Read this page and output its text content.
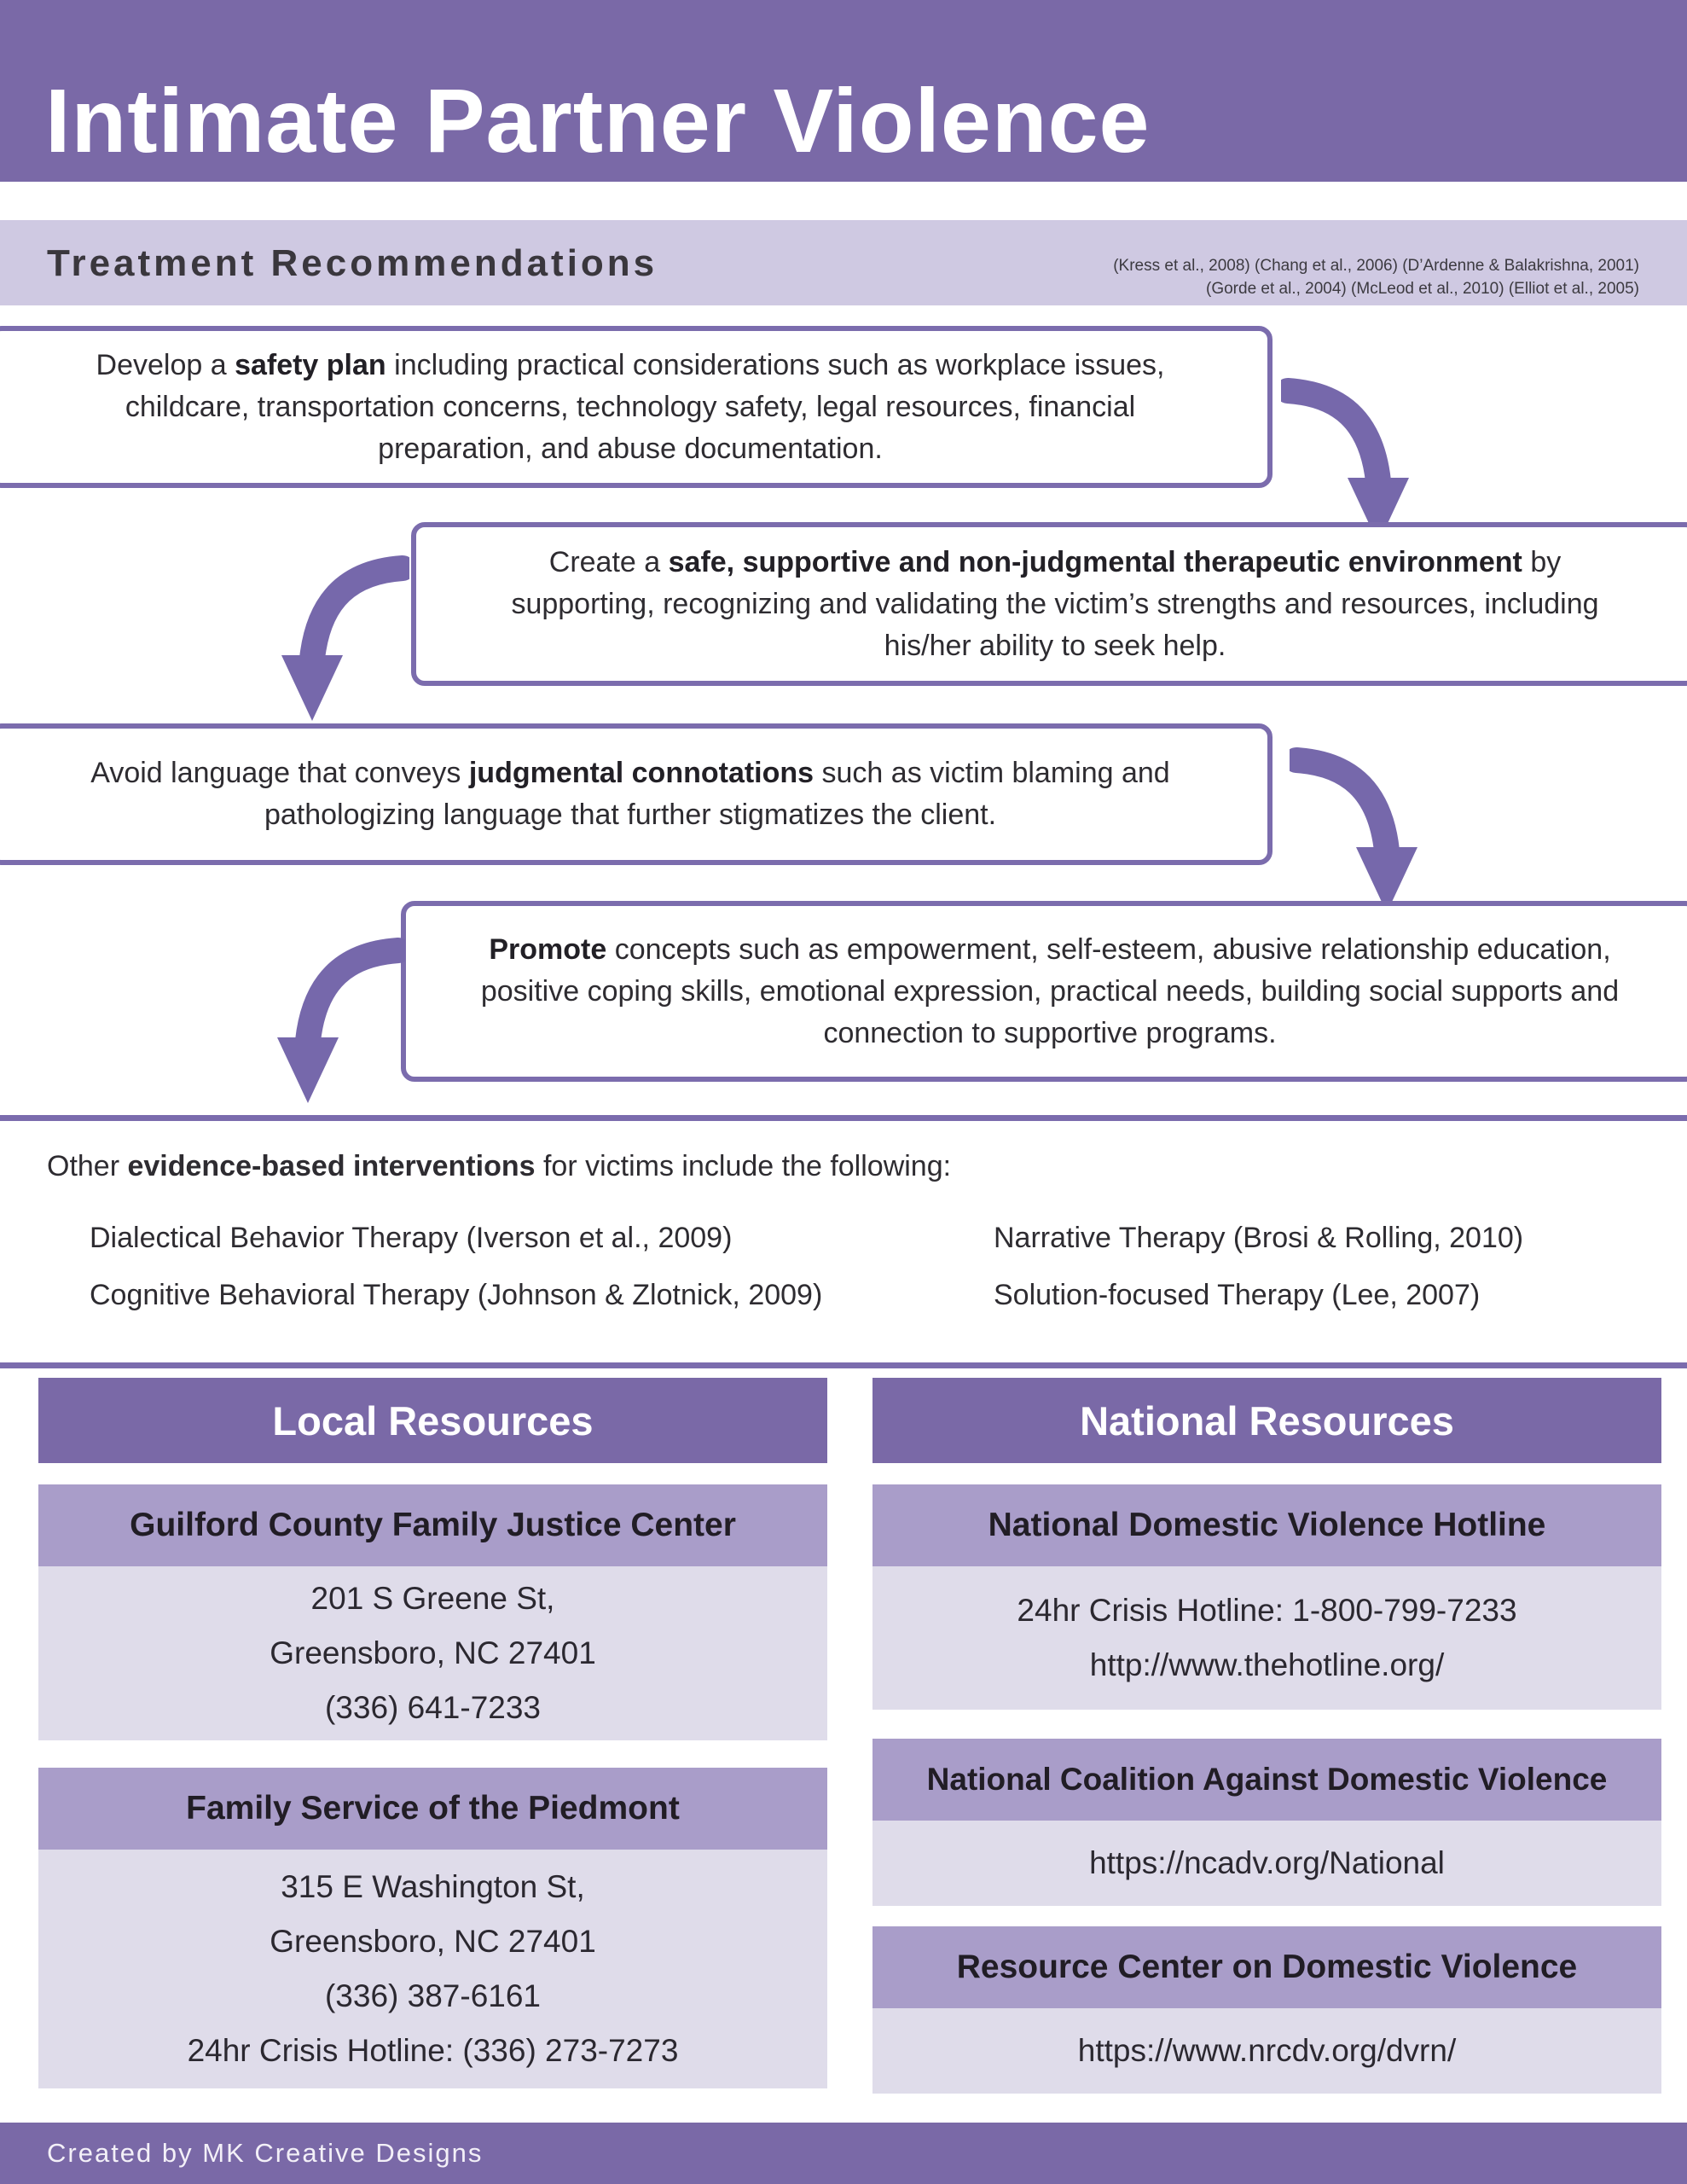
Intimate Partner Violence
Treatment Recommendations	(Kress et al., 2008) (Chang et al., 2006) (D’Ardenne & Balakrishna, 2001)
(Gorde et al., 2004) (McLeod et al., 2010) (Elliot et al., 2005)
Develop a safety plan including practical considerations such as workplace issues, childcare, transportation concerns, technology safety, legal resources, financial preparation, and abuse documentation.
Create a safe, supportive and non-judgmental therapeutic environment by supporting, recognizing and validating the victim’s strengths and resources, including his/her ability to seek help.
Avoid language that conveys judgmental connotations such as victim blaming and pathologizing language that further stigmatizes the client.
Promote concepts such as empowerment, self-esteem, abusive relationship education, positive coping skills, emotional expression, practical needs, building social supports and connection to supportive programs.
Other evidence-based interventions for victims include the following:
Dialectical Behavior Therapy (Iverson et al., 2009)
Cognitive Behavioral Therapy (Johnson & Zlotnick, 2009)
Narrative Therapy (Brosi & Rolling, 2010)
Solution-focused Therapy (Lee, 2007)
Local Resources
Guilford County Family Justice Center
201 S Greene St,
Greensboro, NC 27401
(336) 641-7233
Family Service of the Piedmont
315 E Washington St,
Greensboro, NC 27401
(336) 387-6161
24hr Crisis Hotline: (336) 273-7273
National Resources
National Domestic Violence Hotline
24hr Crisis Hotline: 1-800-799-7233
http://www.thehotline.org/
National Coalition Against Domestic Violence
https://ncadv.org/National
Resource Center on Domestic Violence
https://www.nrcdv.org/dvrn/
Created by MK Creative Designs
